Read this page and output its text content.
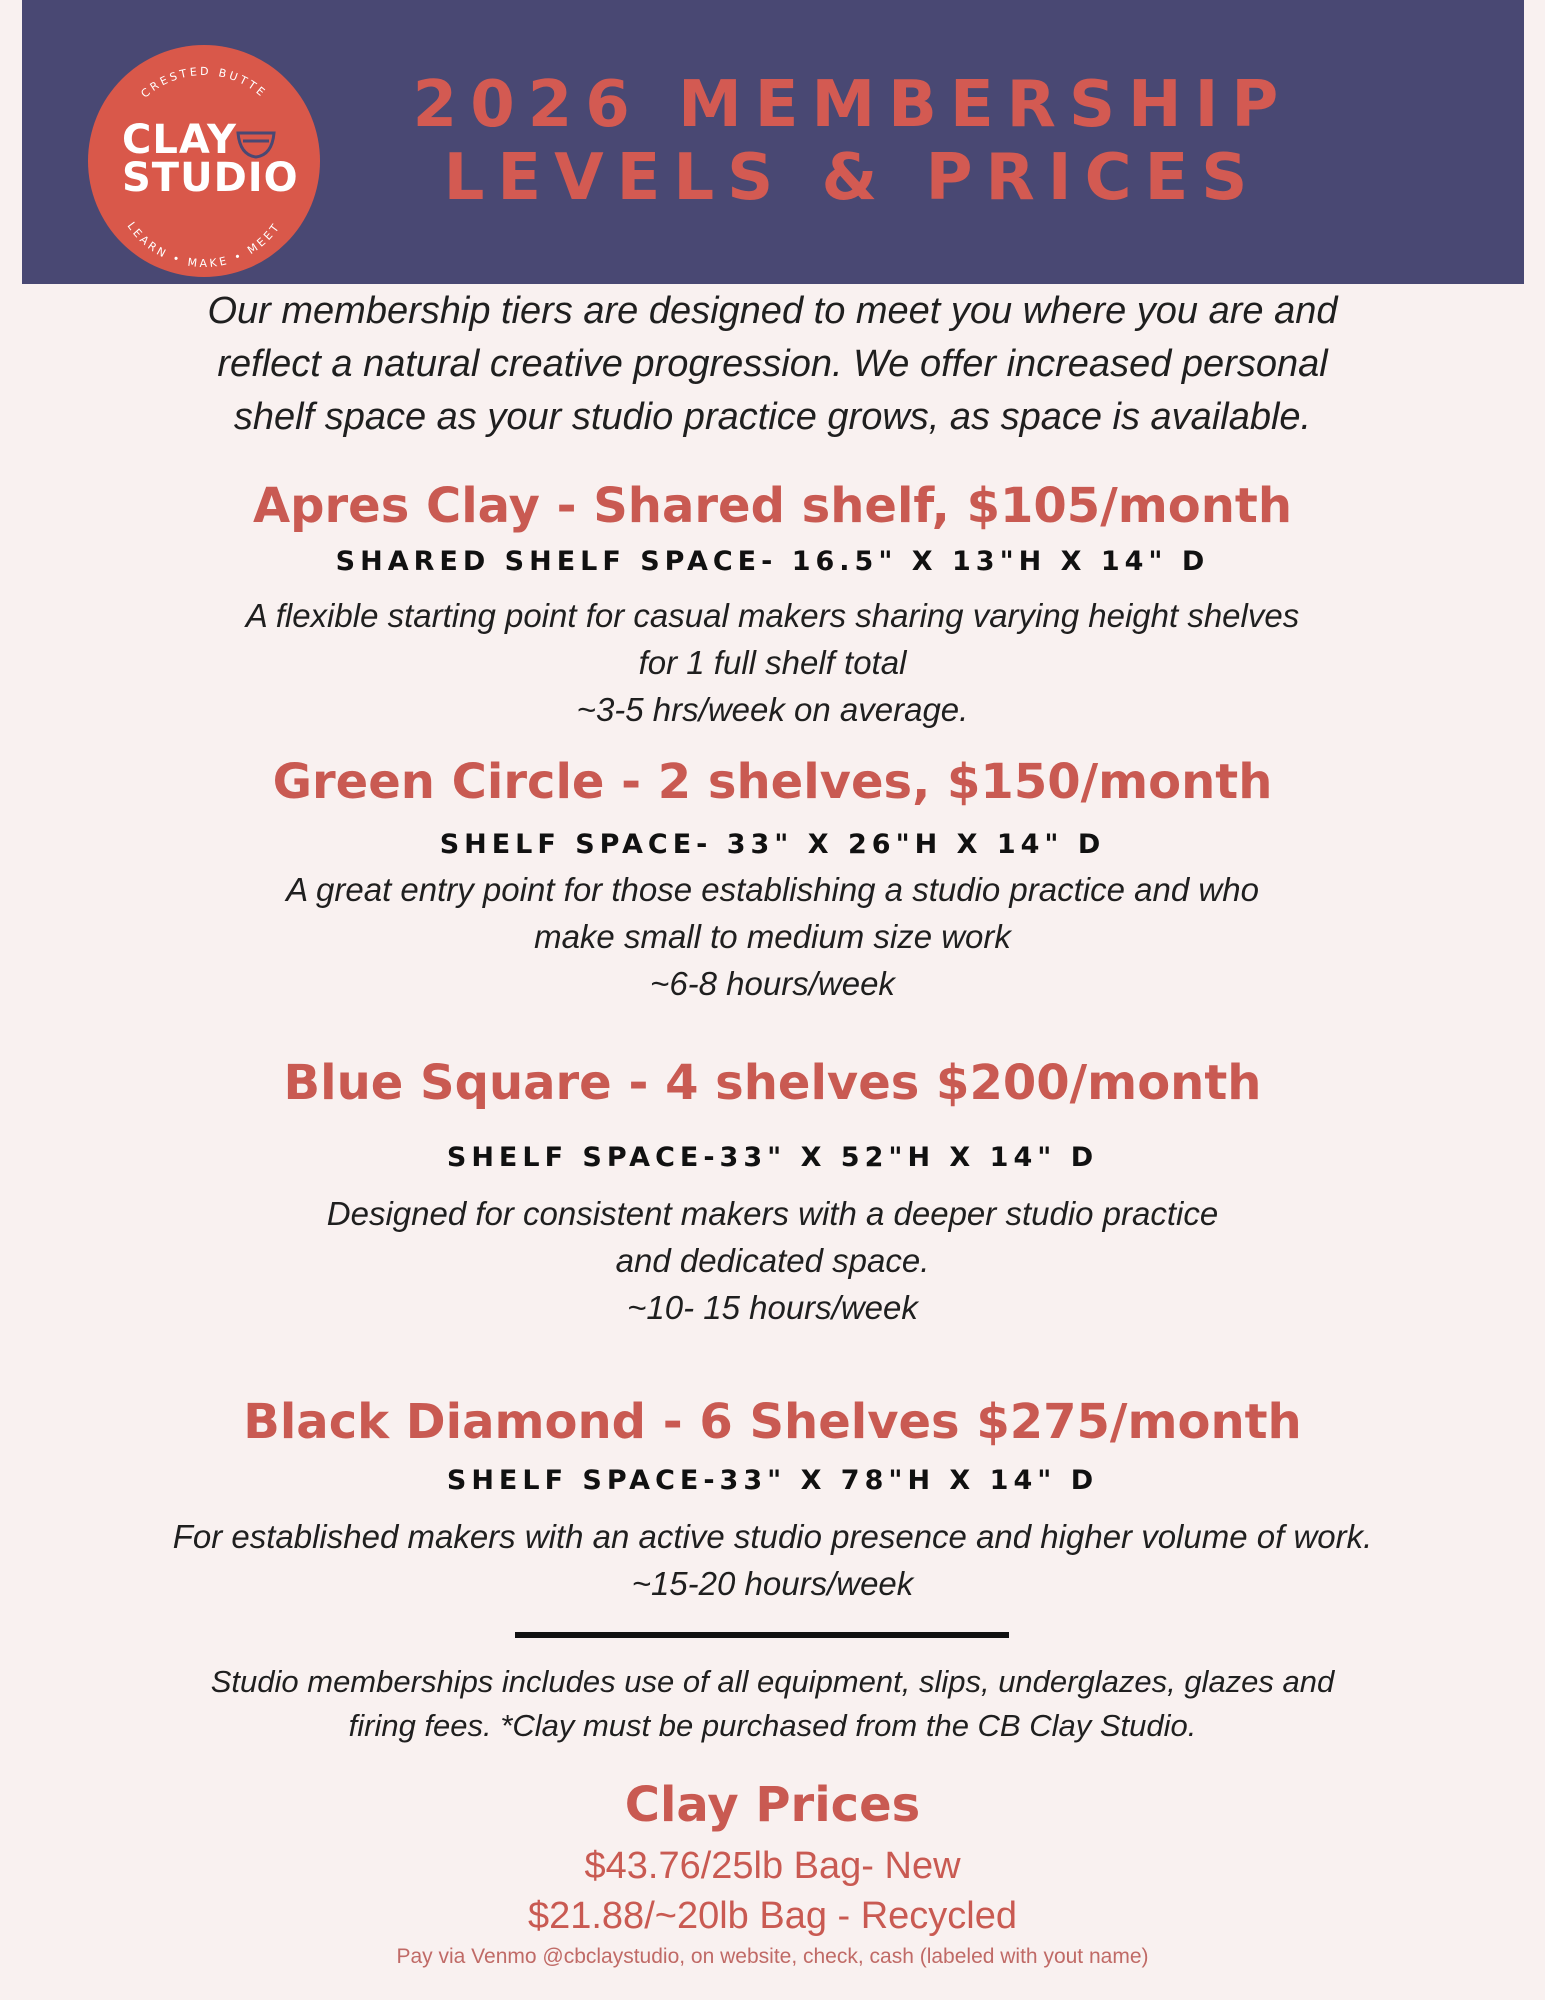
CRESTED BUTTE
LEARN • MAKE • MEET
CLAY
STUDIO
2026 MEMBERSHIP
LEVELS & PRICES
Our membership tiers are designed to meet you where you are and
reflect a natural creative progression. We offer increased personal
shelf space as your studio practice grows, as space is available.
Apres Clay - Shared shelf, $105/month
SHARED SHELF SPACE- 16.5" X 13"H X 14" D
A flexible starting point for casual makers sharing varying height shelves
for 1 full shelf total
~3-5 hrs/week on average.
Green Circle - 2 shelves, $150/month
SHELF SPACE- 33" X 26"H X 14" D
A great entry point for those establishing a studio practice and who
make small to medium size work
~6-8 hours/week
Blue Square - 4 shelves $200/month
SHELF SPACE-33" X 52"H X 14" D
Designed for consistent makers with a deeper studio practice
and dedicated space.
~10- 15 hours/week
Black Diamond - 6 Shelves $275/month
SHELF SPACE-33" X 78"H X 14" D
For established makers with an active studio presence and higher volume of work.
~15-20 hours/week
Studio memberships includes use of all equipment, slips, underglazes, glazes and
firing fees. *Clay must be purchased from the CB Clay Studio.
Clay Prices
$43.76/25lb Bag- New
$21.88/~20lb Bag - Recycled
Pay via Venmo @cbclaystudio, on website, check, cash (labeled with yout name)
